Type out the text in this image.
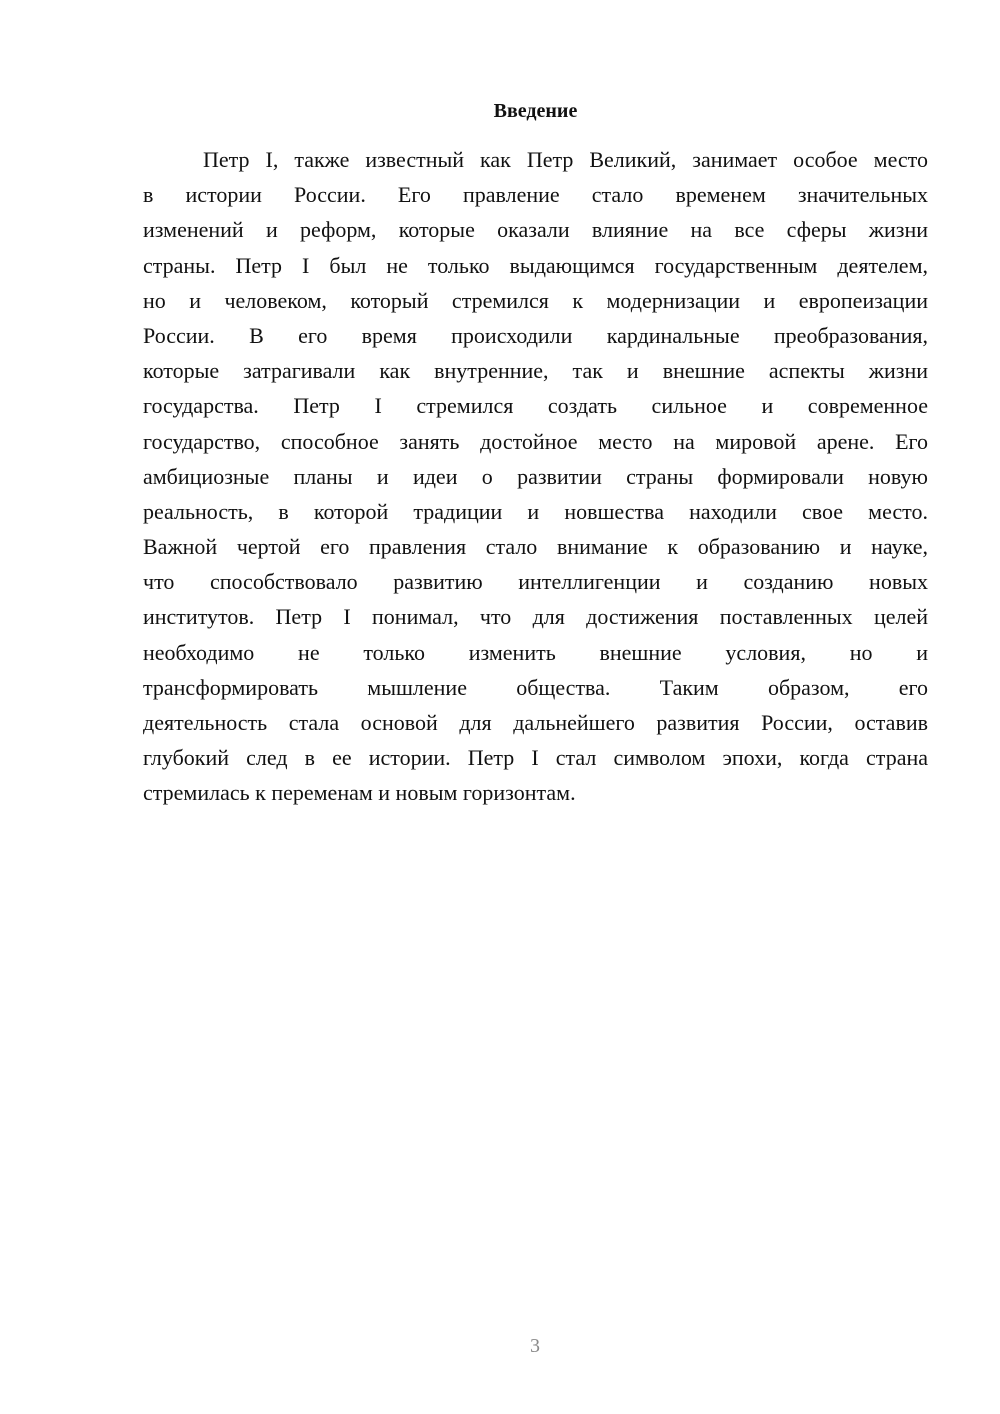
Введение
Петр I, также известный как Петр Великий, занимает особое место
в истории России. Его правление стало временем значительных
изменений и реформ, которые оказали влияние на все сферы жизни
страны. Петр I был не только выдающимся государственным деятелем,
но и человеком, который стремился к модернизации и европеизации
России. В его время происходили кардинальные преобразования,
которые затрагивали как внутренние, так и внешние аспекты жизни
государства. Петр I стремился создать сильное и современное
государство, способное занять достойное место на мировой арене. Его
амбициозные планы и идеи о развитии страны формировали новую
реальность, в которой традиции и новшества находили свое место.
Важной чертой его правления стало внимание к образованию и науке,
что способствовало развитию интеллигенции и созданию новых
институтов. Петр I понимал, что для достижения поставленных целей
необходимо не только изменить внешние условия, но и
трансформировать мышление общества. Таким образом, его
деятельность стала основой для дальнейшего развития России, оставив
глубокий след в ее истории. Петр I стал символом эпохи, когда страна
стремилась к переменам и новым горизонтам.
3
